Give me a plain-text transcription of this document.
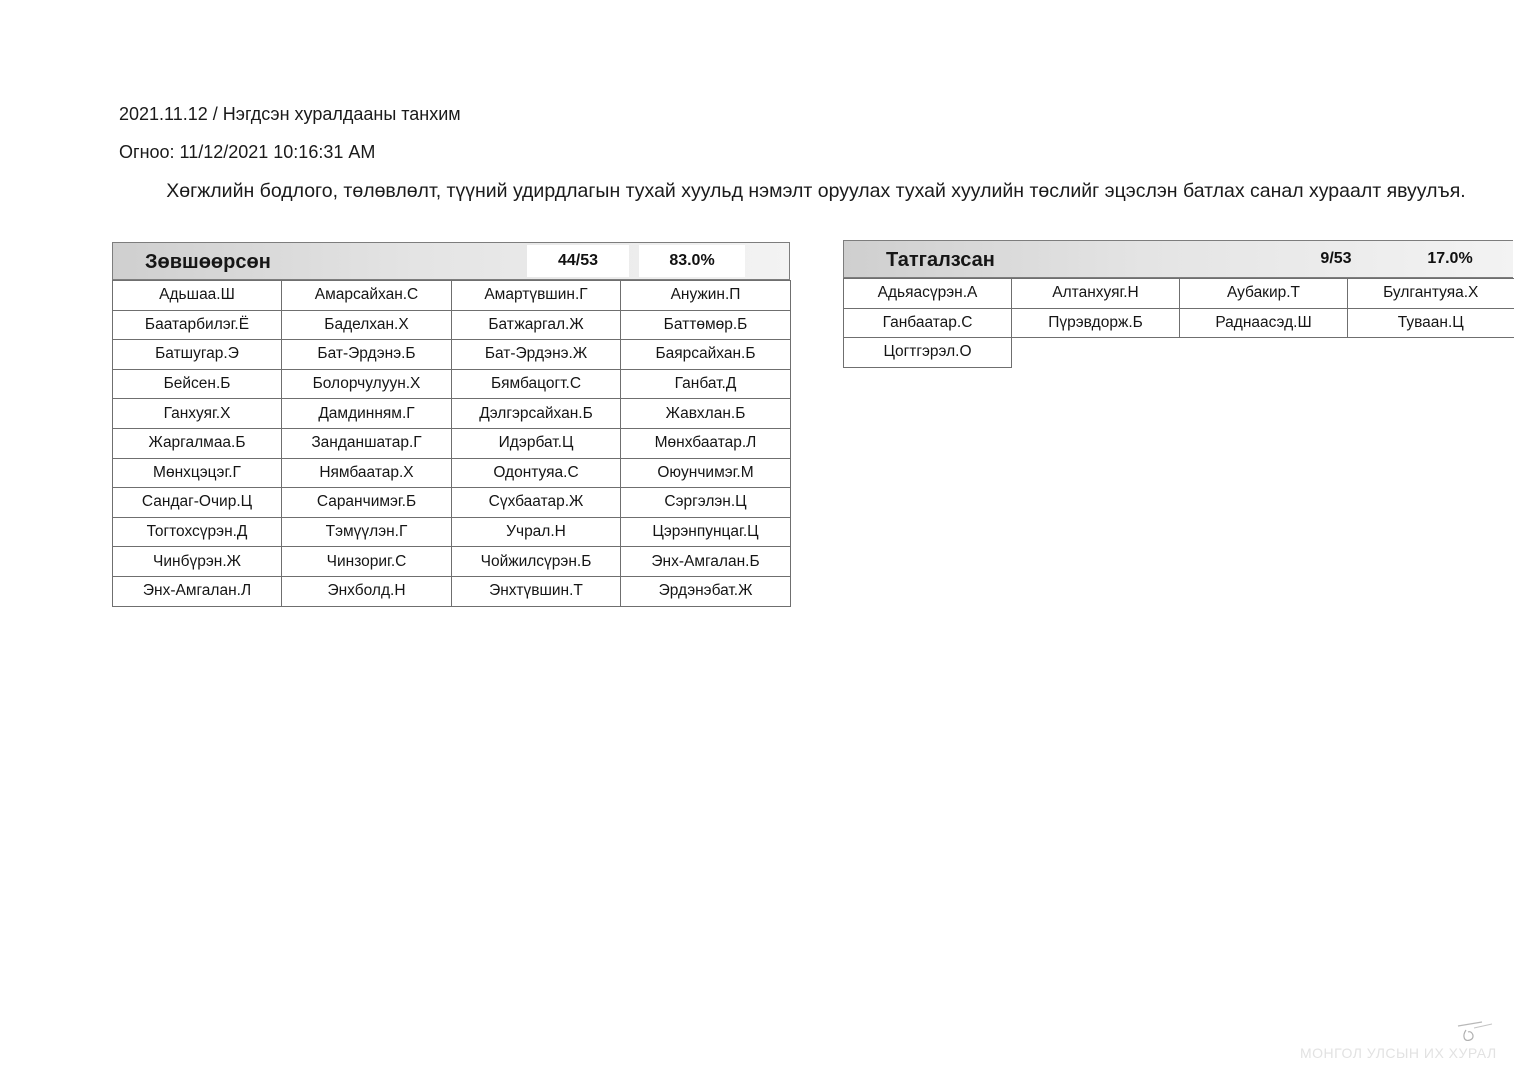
2021.11.12 / Нэгдсэн хуралдааны танхим
Огноо: 11/12/2021 10:16:31 AM
Хөгжлийн бодлого, төлөвлөлт, түүний удирдлагын тухай хуульд нэмэлт оруулах тухай хуулийн төслийг эцэслэн батлах санал хураалт явуулъя.
Зөвшөөрсөн	44/53	83.0%
Адьшаа.Ш	Амарсайхан.С	Амартүвшин.Г	Анужин.П
Баатарбилэг.Ё	Баделхан.Х	Батжаргал.Ж	Баттөмөр.Б
Батшугар.Э	Бат-Эрдэнэ.Б	Бат-Эрдэнэ.Ж	Баярсайхан.Б
Бейсен.Б	Болорчулуун.Х	Бямбацогт.С	Ганбат.Д
Ганхуяг.Х	Дамдинням.Г	Дэлгэрсайхан.Б	Жавхлан.Б
Жаргалмаа.Б	Занданшатар.Г	Идэрбат.Ц	Мөнхбаатар.Л
Мөнхцэцэг.Г	Нямбаатар.Х	Одонтуяа.С	Оюунчимэг.М
Сандаг-Очир.Ц	Саранчимэг.Б	Сүхбаатар.Ж	Сэргэлэн.Ц
Тогтохсүрэн.Д	Тэмүүлэн.Г	Учрал.Н	Цэрэнпунцаг.Ц
Чинбүрэн.Ж	Чинзориг.С	Чойжилсүрэн.Б	Энх-Амгалан.Б
Энх-Амгалан.Л	Энхболд.Н	Энхтүвшин.Т	Эрдэнэбат.Ж
Татгалзсан	9/53	17.0%
Адьяасүрэн.А	Алтанхуяг.Н	Аубакир.Т	Булгантуяа.Х
Ганбаатар.С	Пүрэвдорж.Б	Раднаасэд.Ш	Туваан.Ц
Цогтгэрэл.О			
МОНГОЛ УЛСЫН ИХ ХУРАЛ
